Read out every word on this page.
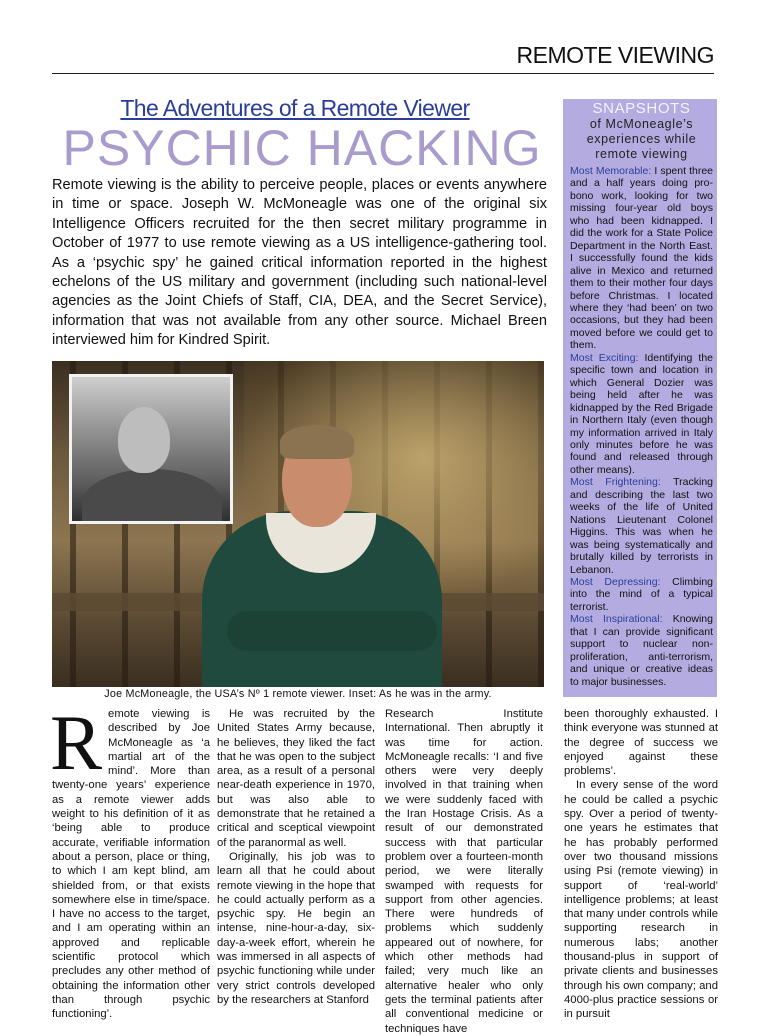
REMOTE VIEWING
The Adventures of a Remote Viewer
PSYCHIC HACKING
Remote viewing is the ability to perceive people, places or events anywhere in time or space. Joseph W. McMoneagle was one of the original six Intelligence Officers recruited for the then secret military programme in October of 1977 to use remote viewing as a US intelligence-gathering tool. As a ‘psychic spy’ he gained critical information reported in the highest echelons of the US military and government (including such national-level agencies as the Joint Chiefs of Staff, CIA, DEA, and the Secret Service), information that was not available from any other source. Michael Breen interviewed him for Kindred Spirit.
SNAPSHOTS
of McMoneagle’s experiences while remote viewing
Most Memorable: I spent three and a half years doing pro-bono work, looking for two missing four-year old boys who had been kidnapped. I did the work for a State Police Department in the North East. I successfully found the kids alive in Mexico and returned them to their mother four days before Christmas. I located where they ‘had been’ on two occasions, but they had been moved before we could get to them.
Most Exciting: Identifying the specific town and location in which General Dozier was being held after he was kidnapped by the Red Brigade in Northern Italy (even though my information arrived in Italy only minutes before he was found and released through other means).
Most Frightening: Tracking and describing the last two weeks of the life of United Nations Lieutenant Colonel Higgins. This was when he was being systematically and brutally killed by terrorists in Lebanon.
Most Depressing: Climbing into the mind of a typical terrorist.
Most Inspirational: Knowing that I can provide significant support to nuclear non-proliferation, anti-terrorism, and unique or creative ideas to major businesses.
Joe McMoneagle, the USA’s Nº 1 remote viewer. Inset: As he was in the army.
R emote viewing is described by Joe McMoneagle as ‘a martial art of the mind’. More than twenty-one years’ experience as a remote viewer adds weight to his definition of it as ‘being able to produce accurate, verifiable information about a person, place or thing, to which I am kept blind, am shielded from, or that exists somewhere else in time/space. I have no access to the target, and I am operating within an approved and replicable scientific protocol which precludes any other method of obtaining the information other than through psychic functioning’.

He was recruited by the United States Army because, he believes, they liked the fact that he was open to the subject area, as a result of a personal near-death experience in 1970, but was also able to demonstrate that he retained a critical and sceptical viewpoint of the paranormal as well.

Originally, his job was to learn all that he could about remote viewing in the hope that he could actually perform as a psychic spy. He begin an intense, nine-hour-a-day, six-day-a-week effort, wherein he was immersed in all aspects of psychic functioning while under very strict controls developed by the researchers at Stanford

Research Institute International. Then abruptly it was time for action. McMoneagle recalls: ‘I and five others were very deeply involved in that training when we were suddenly faced with the Iran Hostage Crisis. As a result of our demonstrated success with that particular problem over a fourteen-month period, we were literally swamped with requests for support from other agencies. There were hundreds of problems which suddenly appeared out of nowhere, for which other methods had failed; very much like an alternative healer who only gets the terminal patients after all conventional medicine or techniques have

been thoroughly exhausted. I think everyone was stunned at the degree of success we enjoyed against these problems’.

In every sense of the word he could be called a psychic spy. Over a period of twenty-one years he estimates that he has probably performed over two thousand missions using Psi (remote viewing) in support of ‘real-world’ intelligence problems; at least that many under controls while supporting research in numerous labs; another thousand-plus in support of private clients and businesses through his own company; and 4000-plus practice sessions or in pursuit
